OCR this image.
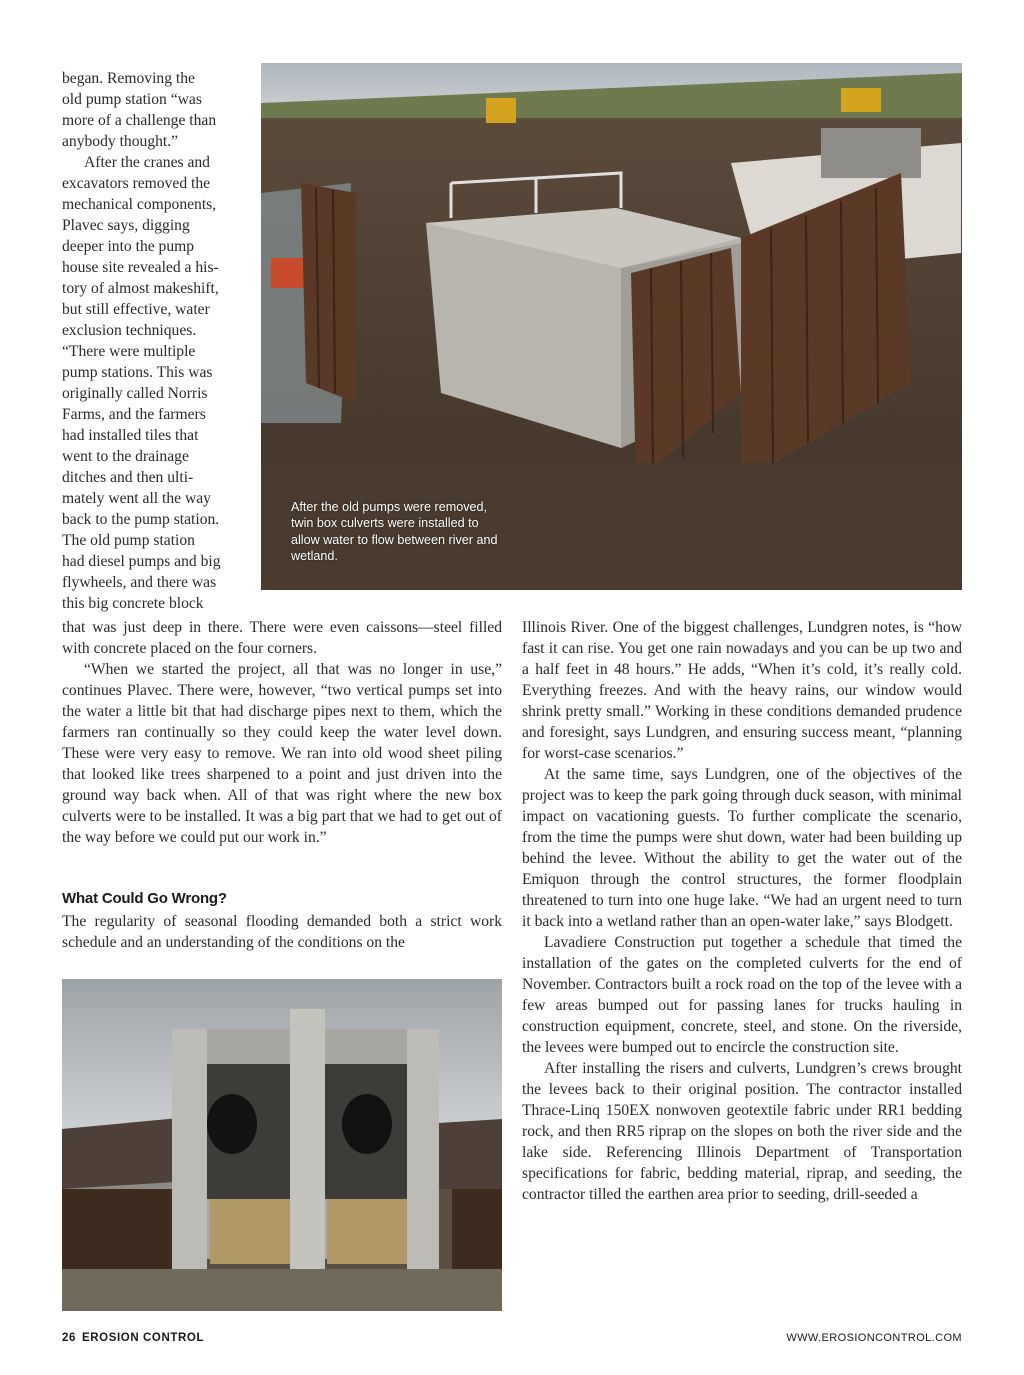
began. Removing the
old pump station “was
more of a challenge than
anybody thought.”
After the cranes and
excavators removed the
mechanical components,
Plavec says, digging
deeper into the pump
house site revealed a his-
tory of almost makeshift,
but still effective, water
exclusion techniques.
“There were multiple
pump stations. This was
originally called Norris
Farms, and the farmers
had installed tiles that
went to the drainage
ditches and then ulti-
mately went all the way
back to the pump station.
The old pump station
had diesel pumps and big
flywheels, and there was
this big concrete block
After the old pumps were removed, twin box culverts were installed to allow water to flow between river and wetland.

that was just deep in there. There were even caissons—steel filled with concrete placed on the four corners.

“When we started the project, all that was no longer in use,” continues Plavec. There were, however, “two vertical pumps set into the water a little bit that had discharge pipes next to them, which the farmers ran continually so they could keep the water level down. These were very easy to remove. We ran into old wood sheet piling that looked like trees sharpened to a point and just driven into the ground way back when. All of that was right where the new box culverts were to be installed. It was a big part that we had to get out of the way before we could put our work in.”

What Could Go Wrong?

The regularity of seasonal flooding demanded both a strict work schedule and an understanding of the conditions on the

Illinois River. One of the biggest challenges, Lundgren notes, is “how fast it can rise. You get one rain nowadays and you can be up two and a half feet in 48 hours.” He adds, “When it’s cold, it’s really cold. Everything freezes. And with the heavy rains, our window would shrink pretty small.” Working in these conditions demanded prudence and foresight, says Lundgren, and ensuring success meant, “planning for worst-case scenarios.”

At the same time, says Lundgren, one of the objectives of the project was to keep the park going through duck season, with minimal impact on vacationing guests. To further complicate the scenario, from the time the pumps were shut down, water had been building up behind the levee. Without the ability to get the water out of the Emiquon through the control structures, the former floodplain threatened to turn into one huge lake. “We had an urgent need to turn it back into a wetland rather than an open-water lake,” says Blodgett.

Lavadiere Construction put together a schedule that timed the installation of the gates on the completed culverts for the end of November. Contractors built a rock road on the top of the levee with a few areas bumped out for passing lanes for trucks hauling in construction equipment, concrete, steel, and stone. On the riverside, the levees were bumped out to encircle the construction site.

After installing the risers and culverts, Lundgren’s crews brought the levees back to their original position. The contractor installed Thrace-Linq 150EX nonwoven geotextile fabric under RR1 bedding rock, and then RR5 riprap on the slopes on both the river side and the lake side. Referencing Illinois Department of Transportation specifications for fabric, bedding material, riprap, and seeding, the contractor tilled the earthen area prior to seeding, drill-seeded a

26 EROSION CONTROL	WWW.EROSIONCONTROL.COM
